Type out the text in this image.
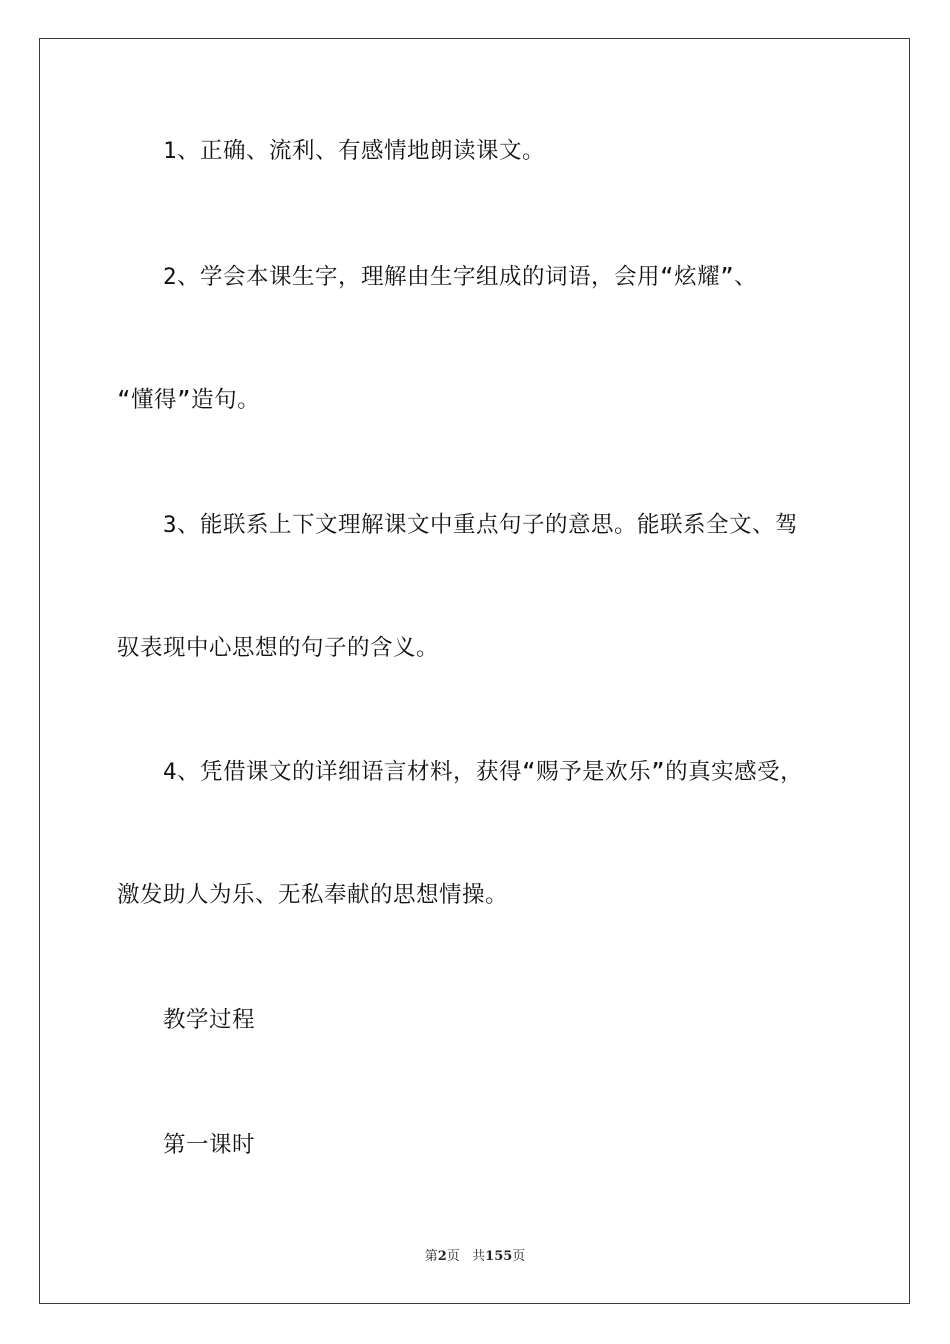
1、正确、流利、有感情地朗读课文。
2、学会本课生字，理解由生字组成的词语，会用“炫耀”、
“懂得”造句。
3、能联系上下文理解课文中重点句子的意思。能联系全文、驾
驭表现中心思想的句子的含义。
4、凭借课文的详细语言材料，获得“赐予是欢乐”的真实感受，
激发助人为乐、无私奉献的思想情操。
教学过程
第一课时
第2页   共155页
